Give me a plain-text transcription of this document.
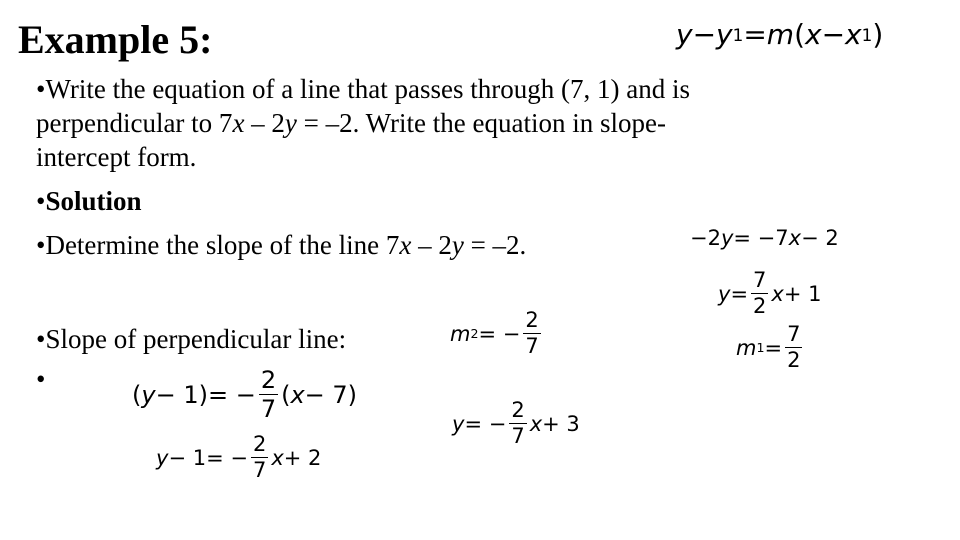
Example 5:	y − y 1 = m ( x − x 1 )
•Write the equation of a line that passes through (7, 1) and is
perpendicular to 7x – 2y = –2. Write the equation in slope-
intercept form.
•Solution
•Determine the slope of the line 7x – 2y = –2.
•Slope of perpendicular line:
•
−2 y = −7 x − 2
$y = \frac{7}{2}$ x + 1
m $1 = \frac{7}{2}$
m 2 = − $\frac{2}{7}$
( y − 1) = − $\frac{2}{7}$ ( x − 7)
y − 1 = − $\frac{2}{7}$ x + 2
y = − $\frac{2}{7}$ x + 3
